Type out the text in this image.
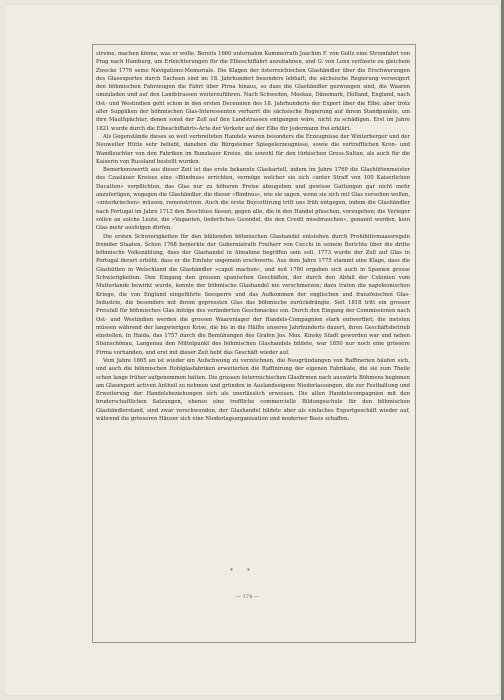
streme, machen könne, was er wolle. Bereits 1660 unternahm Kammerrath Joachim F. von Goltz eine Stromfahrt von Prag nach Hamburg, um Erleichterungen für die Elbeschiffahrt anzubahnen, und G. von Lenx verfasste zu gleichem Zwecke 1776 seine Navigations-Memoriale. Die Klagen der österreichischen Glashändler über die Erschwerungen des Glasexportes durch Sachsen sind im 18. Jahrhundert besonders lebhaft; die sächsische Regierung verweigert den böhmischen Fahrzeugen die Fahrt über Pirna hinaus, so dass die Glashändler gezwungen sind, die Waaren umzuladen und auf den Landstrassen weiterzuführen. Nach Schweden, Moskau, Dänemark, Holland, England, nach Ost- und Westindien geht schon in den ersten Decennien des 18. Jahrhunderts der Export über die Elbe; aber trotz aller Suppliken der böhmischen Glas-Interessenten verharrt die sächsische Regierung auf ihrem Standpunkte, um ihre Mauthpächter, denen sonst der Zoll auf den Landstrassen entgangen wäre, nicht zu schädigen. Erst im Jahre 1821 wurde durch die Elbeschiffahrts-Acte der Verkehr auf der Elbe für Jedermann frei erklärt.

Als Gegenstände dieses so weit verbreiteten Handels waren besonders die Erzeugnisse der Winterberger und der Neuwelter Hütte sehr beliebt, daneben die Bürgsteiner Spiegelerzeugnisse, sowie die vortrefflichen Kron- und Wandleuchter von den Fabriken im Bunzlauer Kreise, die sowohl für den türkischen Gross-Sultan, als auch für die Kaiserin von Russland bestellt wurden.

Bemerkenswerth aus dieser Zeit ist das erste bekannte Glaskartell, indem im Jahre 1769 die Glashüttenmeister des Czaslauer Kreises eine »Bündnus« errichten, vermöge welcher sie sich »unter Straff von 100 Kaiserlichen Ducatten« verpflichten, das Glas nur zu höheren Preise abzugeben und gewisse Gattungen gar nicht mehr anzufertigen, wogegen die Glashändler, die dieser »Bindnus«, wie sie sagen, wenn sie sich mit Glas versehen wollen, »unterkriechen« müssen, remonstriren. Auch die erste Boycottirung tritt uns früh entgegen, indem die Glashändler nach Portugal im Jahre 1713 den Beschluss fassen, gegen alle, die in den Handel pfuschen, vorzugehen; die Verleger sollen an solche Leute, die »Vaganten, liederliches Gesindel, die den Credit missbrauchen«, genannt werden, kein Glas mehr ausfolgen dürfen.

Die ersten Schwierigkeiten für den blühenden böhmischen Glashandel entstehen durch Prohibitivmaassregeln fremder Staaten. Schon 1768 bemerkte der Gubernialrath Freiherr von Cecchi in seinem Berichte über die dritte böhmische Volkszählung, dass der Glashandel in Abnahme begriffen sein soll. 1773 wurde der Zoll auf Glas in Portugal derart erhöht, dass er die Einfuhr ungemein erschwerte. Aus dem Jahre 1775 stammt eine Klage, dass die Glashütten in Welschland die Glashändler »caput machen«, und seit 1780 ergaben sich auch in Spanien grosse Schwierigkeiten. Den Eingang den grossen spanischen Geschäften, der durch den Abfall der Colonien vom Mutterlande bewirkt wurde, konnte der böhmische Glashandel nie verschmerzen; dazu traten die napoleonischen Kriege, die von England eingeführte Seesperre und das Aufkommen der englischen und französischen Glas-Industrie, die besonders mit ihrem gepressten Glas das böhmische zurückdrängte. Seit 1818 tritt ein grosser Preisfall für böhmisches Glas infolge des veränderten Geschmackes ein. Durch den Eingang der Commissionen nach Ost- und Westindien werden die grossen Waarenlager der Handels-Compagnien stark entwerthet; die meisten müssen während der langwierigen Krise, die bis in die Hälfte unseres Jahrhunderts dauert, ihren Geschäftsbetrieb einstellen. In Haida, das 1757 durch die Bemühungen des Grafen Jos. Max. Kinsky Stadt geworden war und neben Steinschönau, Langenau den Mittelpunkt des böhmischen Glashandels bildete, war 1850 nur noch eine grössere Firma vorhanden, und erst mit dieser Zeit hebt das Geschäft wieder auf.

Vom Jahre 1865 an ist wieder ein Aufschwung zu verzeichnen, die Neugründungen von Raffinerien häufen sich, und auch die böhmischen Hohlglasfabriken erweiterten die Raffinirung der eigenen Fabrikate, die sie zum Theile schon lange früher aufgenommen hatten. Die grossen österreichischen Glasfirmen nach auswärts Böhmens beginnen am Glasexport activen Antheil zu nehmen und gründen in Auslandseigene Niederlassungen, die zur Festhaltung und Erweiterung der Handelsbeziehungen sich als unerlässlich erweisen. Die alten Handelscompagnien mit den bruderschaftlichen Satzungen, ebenso eine treffliche commercielle Bildungsschule für den böhmischen Glashändlerstand, sind zwar verschwunden, der Glashandel bildete aber als einfaches Exportgeschäft wieder auf, während die grösseren Häuser sich eine Niederlagsorganisation und moderner Basis schaffen.

* *
— 174 —
